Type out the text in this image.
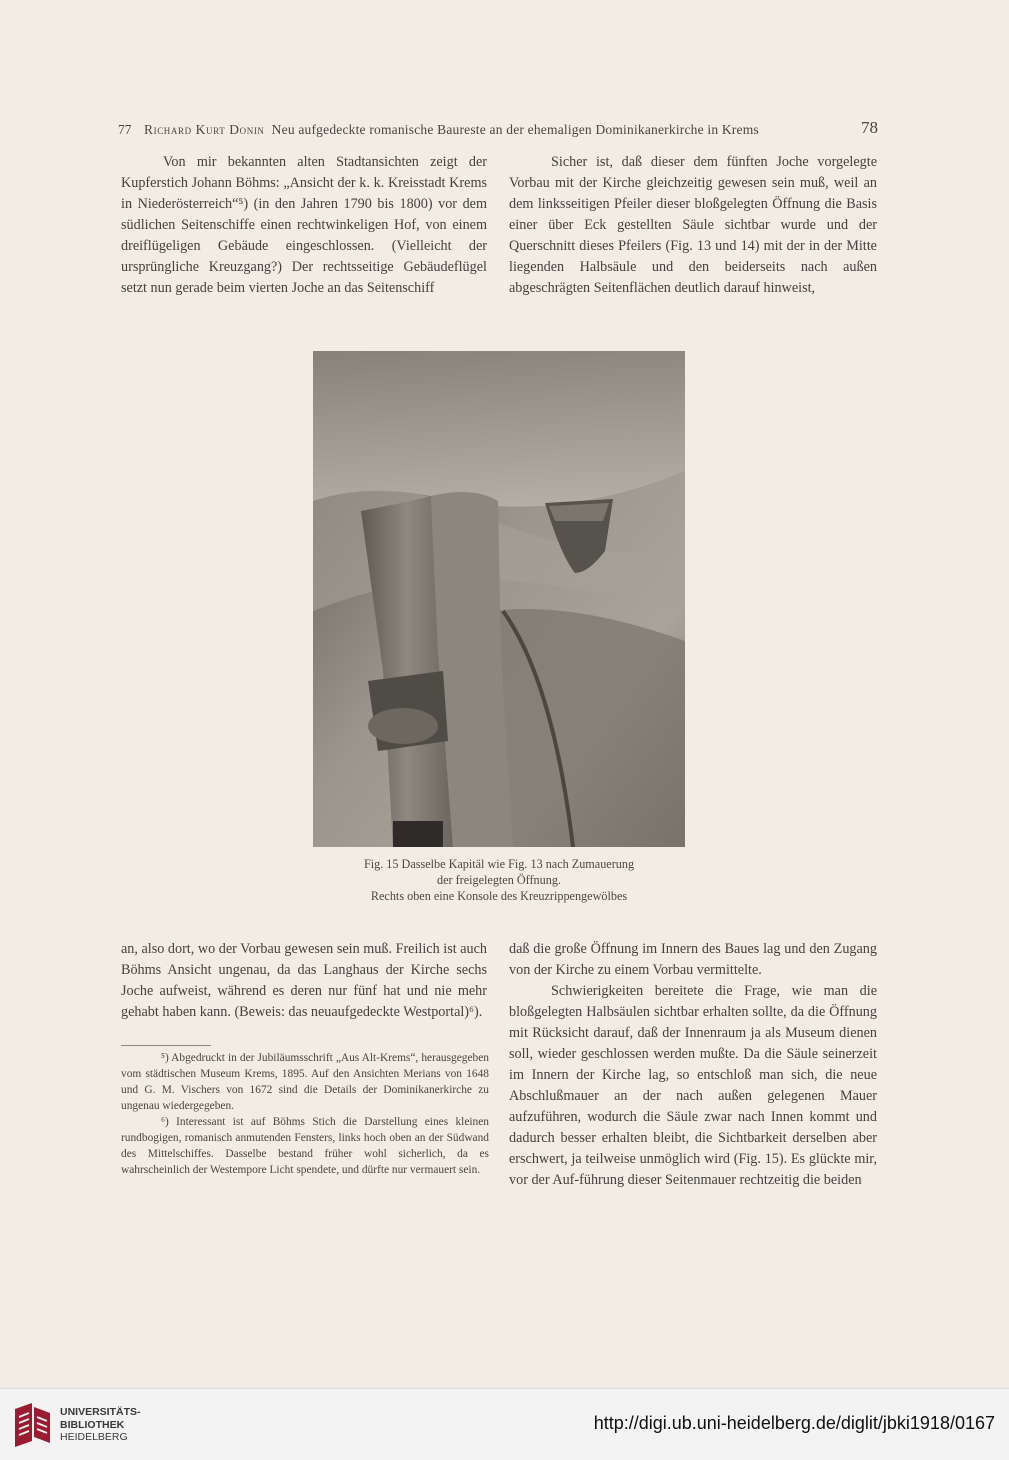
77 Richard Kurt Donin Neu aufgedeckte romanische Baureste an der ehemaligen Dominikanerkirche in Krems	78

Von mir bekannten alten Stadtansichten zeigt der Kupferstich Johann Böhms: „Ansicht der k. k. Kreisstadt Krems in Niederösterreich“⁵) (in den Jahren 1790 bis 1800) vor dem südlichen Seitenschiffe einen rechtwinkeligen Hof, von einem dreiflügeligen Gebäude eingeschlossen. (Vielleicht der ursprüngliche Kreuzgang?) Der rechtsseitige Gebäudeflügel setzt nun gerade beim vierten Joche an das Seitenschiff

Sicher ist, daß dieser dem fünften Joche vorgelegte Vorbau mit der Kirche gleichzeitig gewesen sein muß, weil an dem linksseitigen Pfeiler dieser bloßgelegten Öffnung die Basis einer über Eck gestellten Säule sichtbar wurde und der Querschnitt dieses Pfeilers (Fig. 13 und 14) mit der in der Mitte liegenden Halbsäule und den beiderseits nach außen abgeschrägten Seitenflächen deutlich darauf hinweist,

Fig. 15 Dasselbe Kapitäl wie Fig. 13 nach Zumauerung
der freigelegten Öffnung.
Rechts oben eine Konsole des Kreuzrippengewölbes

an, also dort, wo der Vorbau gewesen sein muß. Freilich ist auch Böhms Ansicht ungenau, da das Langhaus der Kirche sechs Joche aufweist, während es deren nur fünf hat und nie mehr gehabt haben kann. (Beweis: das neuaufgedeckte Westportal)⁶).

⁵) Abgedruckt in der Jubiläumsschrift „Aus Alt-Krems“, herausgegeben vom städtischen Museum Krems, 1895. Auf den Ansichten Merians von 1648 und G. M. Vischers von 1672 sind die Details der Dominikanerkirche zu ungenau wiedergegeben.

⁶) Interessant ist auf Böhms Stich die Darstellung eines kleinen rundbogigen, romanisch anmutenden Fensters, links hoch oben an der Südwand des Mittelschiffes. Dasselbe bestand früher wohl sicherlich, da es wahrscheinlich der Westempore Licht spendete, und dürfte nur vermauert sein.

daß die große Öffnung im Innern des Baues lag und den Zugang von der Kirche zu einem Vorbau vermittelte.

Schwierigkeiten bereitete die Frage, wie man die bloßgelegten Halbsäulen sichtbar erhalten sollte, da die Öffnung mit Rücksicht darauf, daß der Innenraum ja als Museum dienen soll, wieder geschlossen werden mußte. Da die Säule seinerzeit im Innern der Kirche lag, so entschloß man sich, die neue Abschlußmauer an der nach außen gelegenen Mauer aufzuführen, wodurch die Säule zwar nach Innen kommt und dadurch besser erhalten bleibt, die Sichtbarkeit derselben aber erschwert, ja teilweise unmöglich wird (Fig. 15). Es glückte mir, vor der Auf-führung dieser Seitenmauer rechtzeitig die beiden

UNIVERSITÄTS-
BIBLIOTHEK
HEIDELBERG
http://digi.ub.uni-heidelberg.de/diglit/jbki1918/0167
